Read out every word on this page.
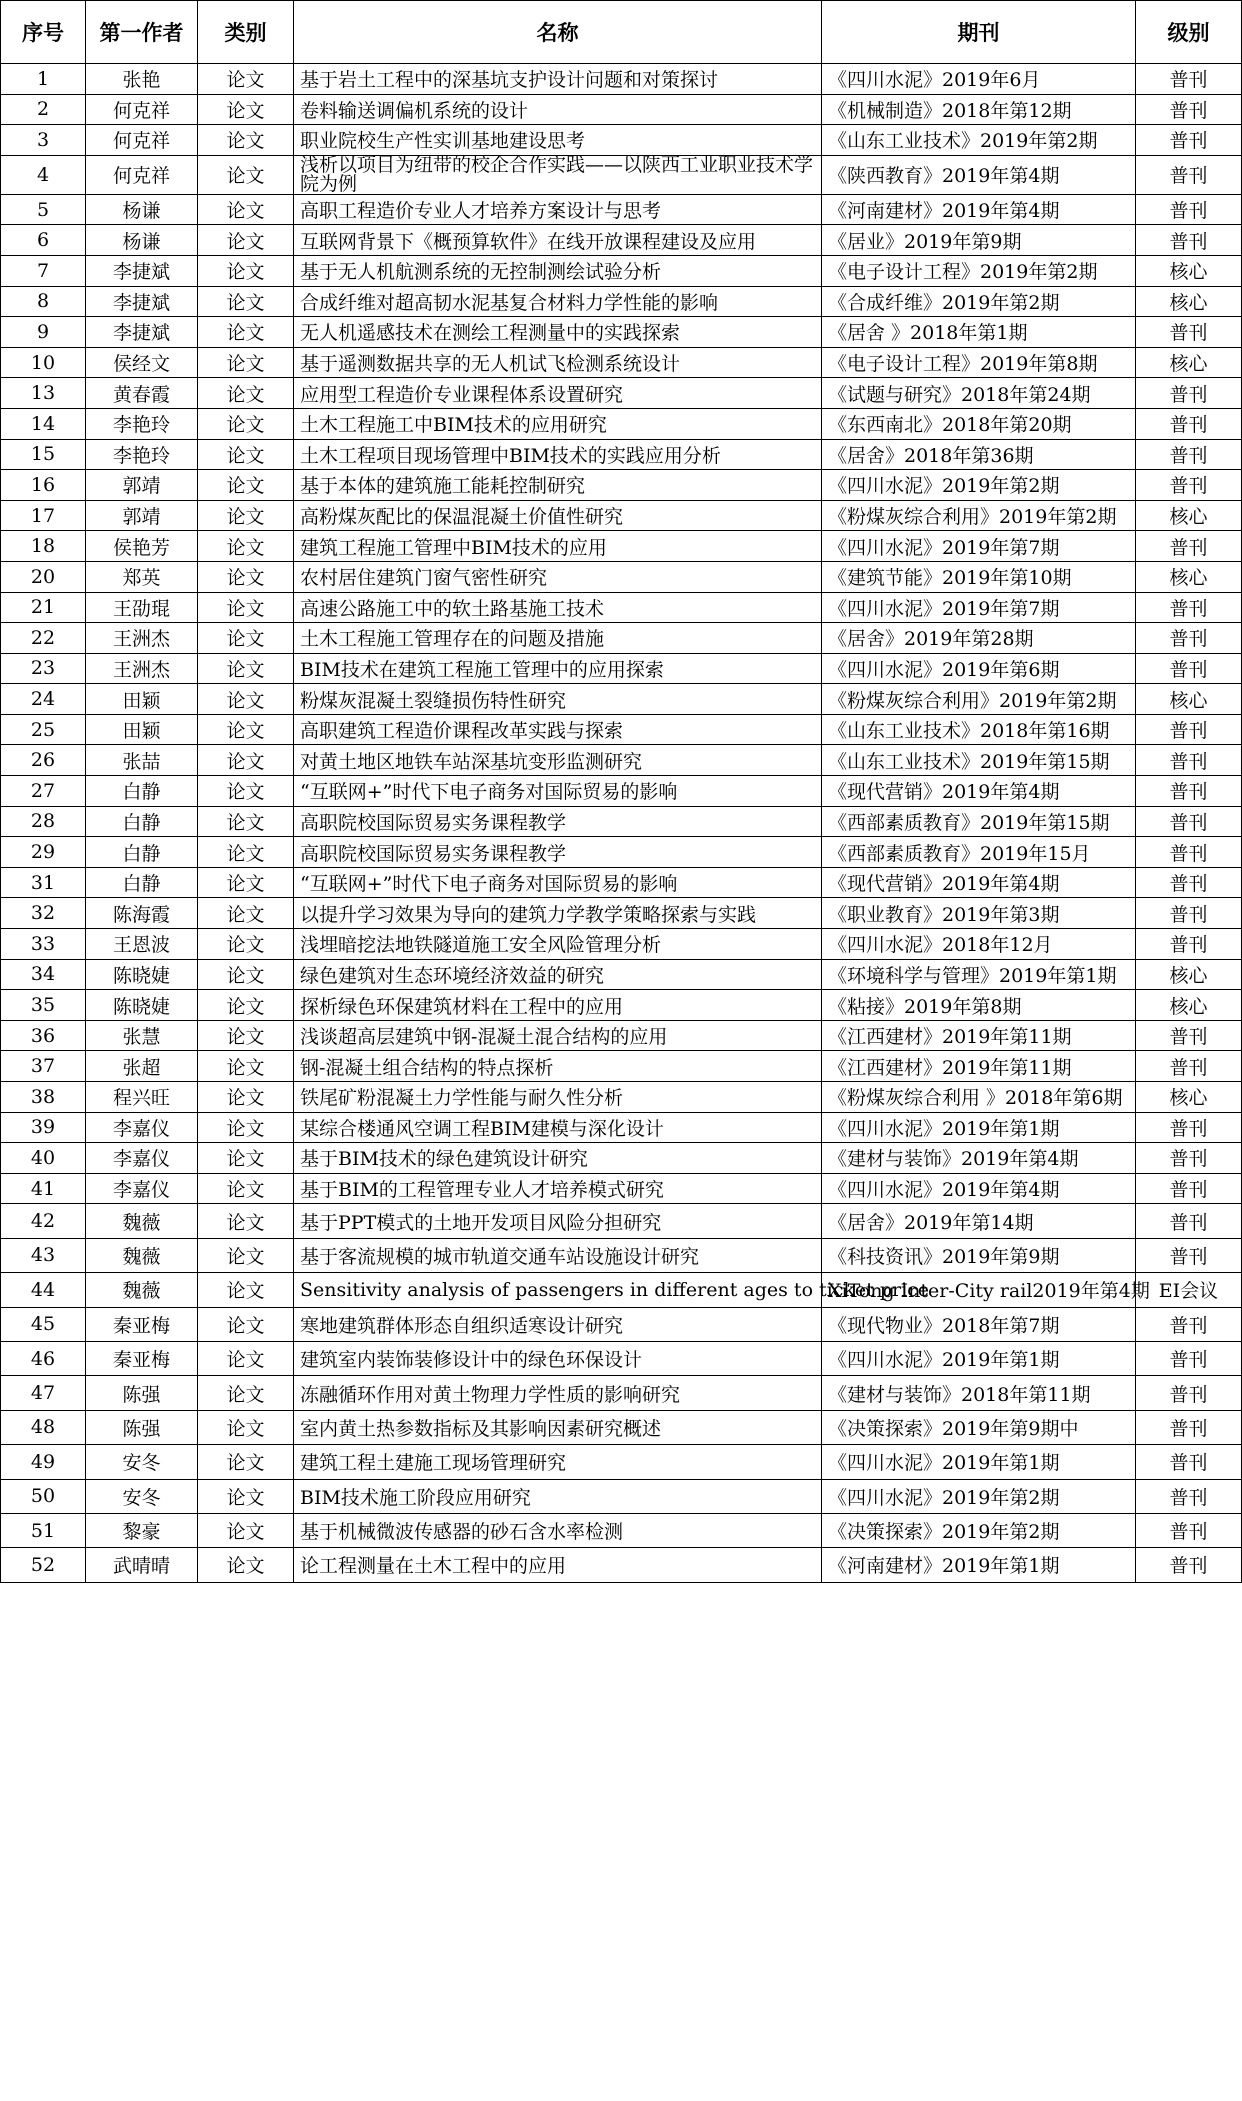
序号	第一作者	类别	名称	期刊	级别
1	张艳	论文	基于岩土工程中的深基坑支护设计问题和对策探讨	《四川水泥》2019年6月	普刊
2	何克祥	论文	卷料输送调偏机系统的设计	《机械制造》2018年第12期	普刊
3	何克祥	论文	职业院校生产性实训基地建设思考	《山东工业技术》2019年第2期	普刊
4	何克祥	论文	浅析以项目为纽带的校企合作实践——以陕西工业职业技术学院为例	《陕西教育》2019年第4期	普刊
5	杨谦	论文	高职工程造价专业人才培养方案设计与思考	《河南建材》2019年第4期	普刊
6	杨谦	论文	互联网背景下《概预算软件》在线开放课程建设及应用	《居业》2019年第9期	普刊
7	李捷斌	论文	基于无人机航测系统的无控制测绘试验分析	《电子设计工程》2019年第2期	核心
8	李捷斌	论文	合成纤维对超高韧水泥基复合材料力学性能的影响	《合成纤维》2019年第2期	核心
9	李捷斌	论文	无人机遥感技术在测绘工程测量中的实践探索	《居舍 》2018年第1期	普刊
10	侯经文	论文	基于遥测数据共享的无人机试飞检测系统设计	《电子设计工程》2019年第8期	核心
13	黄春霞	论文	应用型工程造价专业课程体系设置研究	《试题与研究》2018年第24期	普刊
14	李艳玲	论文	土木工程施工中BIM技术的应用研究	《东西南北》2018年第20期	普刊
15	李艳玲	论文	土木工程项目现场管理中BIM技术的实践应用分析	《居舍》2018年第36期	普刊
16	郭靖	论文	基于本体的建筑施工能耗控制研究	《四川水泥》2019年第2期	普刊
17	郭靖	论文	高粉煤灰配比的保温混凝土价值性研究	《粉煤灰综合利用》2019年第2期	核心
18	侯艳芳	论文	建筑工程施工管理中BIM技术的应用	《四川水泥》2019年第7期	普刊
20	郑英	论文	农村居住建筑门窗气密性研究	《建筑节能》2019年第10期	核心
21	王劭琨	论文	高速公路施工中的软土路基施工技术	《四川水泥》2019年第7期	普刊
22	王洲杰	论文	土木工程施工管理存在的问题及措施	《居舍》2019年第28期	普刊
23	王洲杰	论文	BIM技术在建筑工程施工管理中的应用探索	《四川水泥》2019年第6期	普刊
24	田颖	论文	粉煤灰混凝土裂缝损伤特性研究	《粉煤灰综合利用》2019年第2期	核心
25	田颖	论文	高职建筑工程造价课程改革实践与探索	《山东工业技术》2018年第16期	普刊
26	张喆	论文	对黄土地区地铁车站深基坑变形监测研究	《山东工业技术》2019年第15期	普刊
27	白静	论文	“互联网+”时代下电子商务对国际贸易的影响	《现代营销》2019年第4期	普刊
28	白静	论文	高职院校国际贸易实务课程教学	《西部素质教育》2019年第15期	普刊
29	白静	论文	高职院校国际贸易实务课程教学	《西部素质教育》2019年15月	普刊
31	白静	论文	“互联网+”时代下电子商务对国际贸易的影响	《现代营销》2019年第4期	普刊
32	陈海霞	论文	以提升学习效果为导向的建筑力学教学策略探索与实践	《职业教育》2019年第3期	普刊
33	王恩波	论文	浅埋暗挖法地铁隧道施工安全风险管理分析	《四川水泥》2018年12月	普刊
34	陈晓婕	论文	绿色建筑对生态环境经济效益的研究	《环境科学与管理》2019年第1期	核心
35	陈晓婕	论文	探析绿色环保建筑材料在工程中的应用	《粘接》2019年第8期	核心
36	张慧	论文	浅谈超高层建筑中钢-混凝土混合结构的应用	《江西建材》2019年第11期	普刊
37	张超	论文	钢-混凝土组合结构的特点探析	《江西建材》2019年第11期	普刊
38	程兴旺	论文	铁尾矿粉混凝土力学性能与耐久性分析	《粉煤灰综合利用 》2018年第6期	核心
39	李嘉仪	论文	某综合楼通风空调工程BIM建模与深化设计	《四川水泥》2019年第1期	普刊
40	李嘉仪	论文	基于BIM技术的绿色建筑设计研究	《建材与装饰》2019年第4期	普刊
41	李嘉仪	论文	基于BIM的工程管理专业人才培养模式研究	《四川水泥》2019年第4期	普刊
42	魏薇	论文	基于PPT模式的土地开发项目风险分担研究	《居舍》2019年第14期	普刊
43	魏薇	论文	基于客流规模的城市轨道交通车站设施设计研究	《科技资讯》2019年第9期	普刊
44	魏薇	论文	Sensitivity analysis of passengers in different ages to ticket price	XiTong Inter-City rail2019年第4期	EI会议
45	秦亚梅	论文	寒地建筑群体形态自组织适寒设计研究	《现代物业》2018年第7期	普刊
46	秦亚梅	论文	建筑室内装饰装修设计中的绿色环保设计	《四川水泥》2019年第1期	普刊
47	陈强	论文	冻融循环作用对黄土物理力学性质的影响研究	《建材与装饰》2018年第11期	普刊
48	陈强	论文	室内黄土热参数指标及其影响因素研究概述	《决策探索》2019年第9期中	普刊
49	安冬	论文	建筑工程土建施工现场管理研究	《四川水泥》2019年第1期	普刊
50	安冬	论文	BIM技术施工阶段应用研究	《四川水泥》2019年第2期	普刊
51	黎豪	论文	基于机械微波传感器的砂石含水率检测	《决策探索》2019年第2期	普刊
52	武晴晴	论文	论工程测量在土木工程中的应用	《河南建材》2019年第1期	普刊
